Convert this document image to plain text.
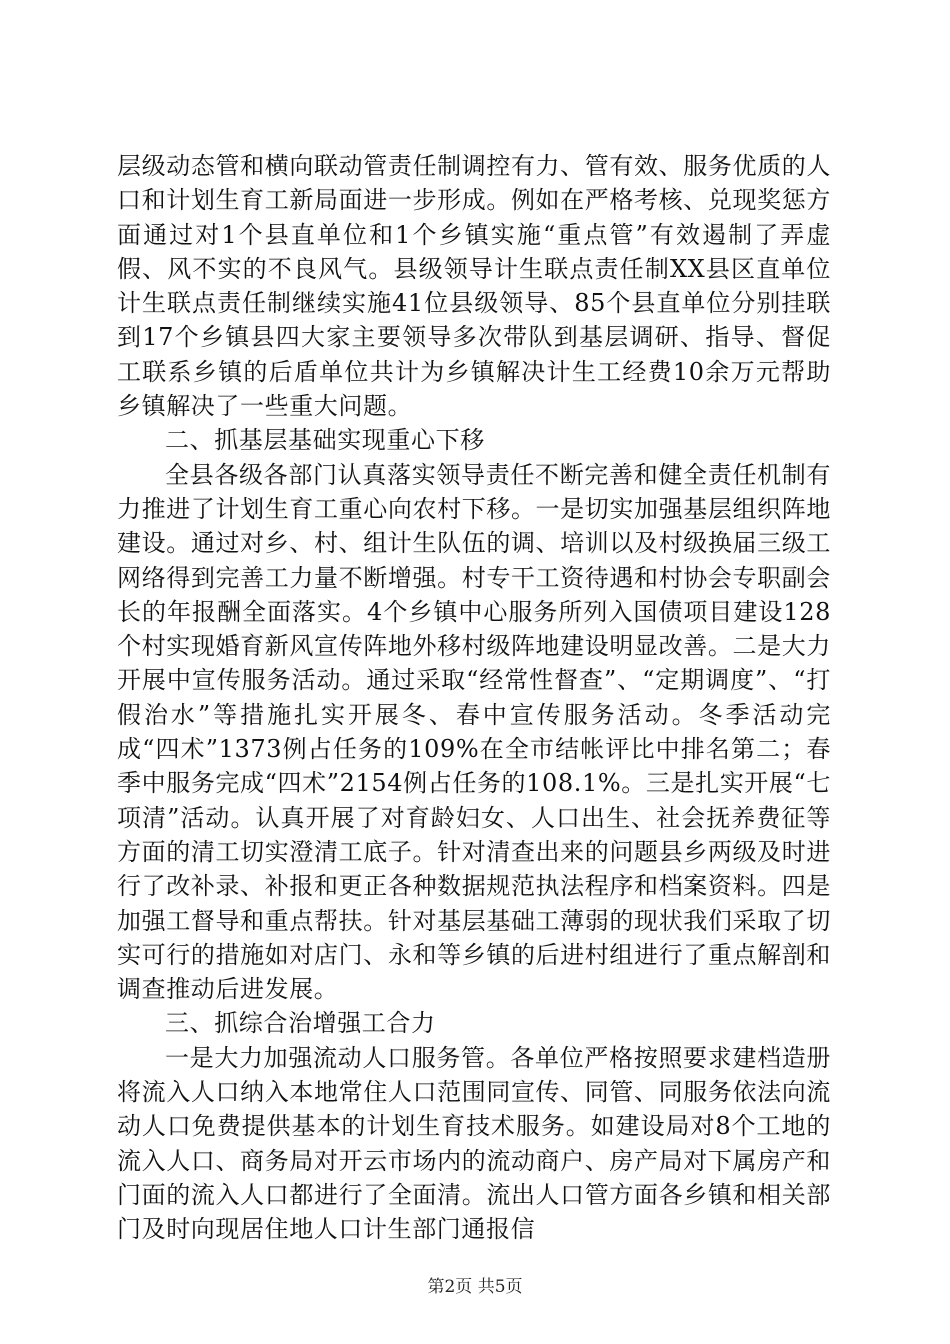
层级动态管和横向联动管责任制调控有力、管有效、服务优质的人口和计划生育工新局面进一步形成。例如在严格考核、兑现奖惩方面通过对1个县直单位和1个乡镇实施“重点管”有效遏制了弄虚假、风不实的不良风气。县级领导计生联点责任制XX县区直单位计生联点责任制继续实施41位县级领导、85个县直单位分别挂联到17个乡镇县四大家主要领导多次带队到基层调研、指导、督促工联系乡镇的后盾单位共计为乡镇解决计生工经费10余万元帮助乡镇解决了一些重大问题。

二、抓基层基础实现重心下移

全县各级各部门认真落实领导责任不断完善和健全责任机制有力推进了计划生育工重心向农村下移。一是切实加强基层组织阵地建设。通过对乡、村、组计生队伍的调、培训以及村级换届三级工网络得到完善工力量不断增强。村专干工资待遇和村协会专职副会长的年报酬全面落实。4个乡镇中心服务所列入国债项目建设128个村实现婚育新风宣传阵地外移村级阵地建设明显改善。二是大力开展中宣传服务活动。通过采取“经常性督查”、“定期调度”、“打假治水”等措施扎实开展冬、春中宣传服务活动。冬季活动完成“四术”1373例占任务的109%在全市结帐评比中排名第二；春季中服务完成“四术”2154例占任务的108.1%。三是扎实开展“七项清”活动。认真开展了对育龄妇女、人口出生、社会抚养费征等方面的清工切实澄清工底子。针对清查出来的问题县乡两级及时进行了改补录、补报和更正各种数据规范执法程序和档案资料。四是加强工督导和重点帮扶。针对基层基础工薄弱的现状我们采取了切实可行的措施如对店门、永和等乡镇的后进村组进行了重点解剖和调查推动后进发展。

三、抓综合治增强工合力

一是大力加强流动人口服务管。各单位严格按照要求建档造册将流入人口纳入本地常住人口范围同宣传、同管、同服务依法向流动人口免费提供基本的计划生育技术服务。如建设局对8个工地的流入人口、商务局对开云市场内的流动商户、房产局对下属房产和门面的流入人口都进行了全面清。流出人口管方面各乡镇和相关部门及时向现居住地人口计生部门通报信

第2页 共5页
